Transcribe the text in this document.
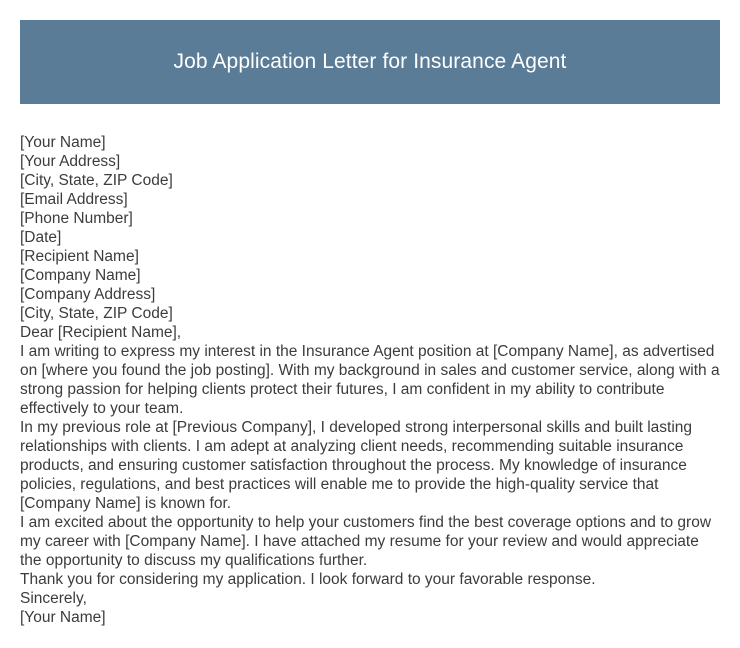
Job Application Letter for Insurance Agent

[Your Name]

[Your Address]

[City, State, ZIP Code]

[Email Address]

[Phone Number]

[Date]

[Recipient Name]

[Company Name]

[Company Address]

[City, State, ZIP Code]

Dear [Recipient Name],

I am writing to express my interest in the Insurance Agent position at [Company Name], as advertised on [where you found the job posting]. With my background in sales and customer service, along with a strong passion for helping clients protect their futures, I am confident in my ability to contribute effectively to your team.

In my previous role at [Previous Company], I developed strong interpersonal skills and built lasting relationships with clients. I am adept at analyzing client needs, recommending suitable insurance products, and ensuring customer satisfaction throughout the process. My knowledge of insurance policies, regulations, and best practices will enable me to provide the high-quality service that [Company Name] is known for.

I am excited about the opportunity to help your customers find the best coverage options and to grow my career with [Company Name]. I have attached my resume for your review and would appreciate the opportunity to discuss my qualifications further.

Thank you for considering my application. I look forward to your favorable response.

Sincerely,

[Your Name]
